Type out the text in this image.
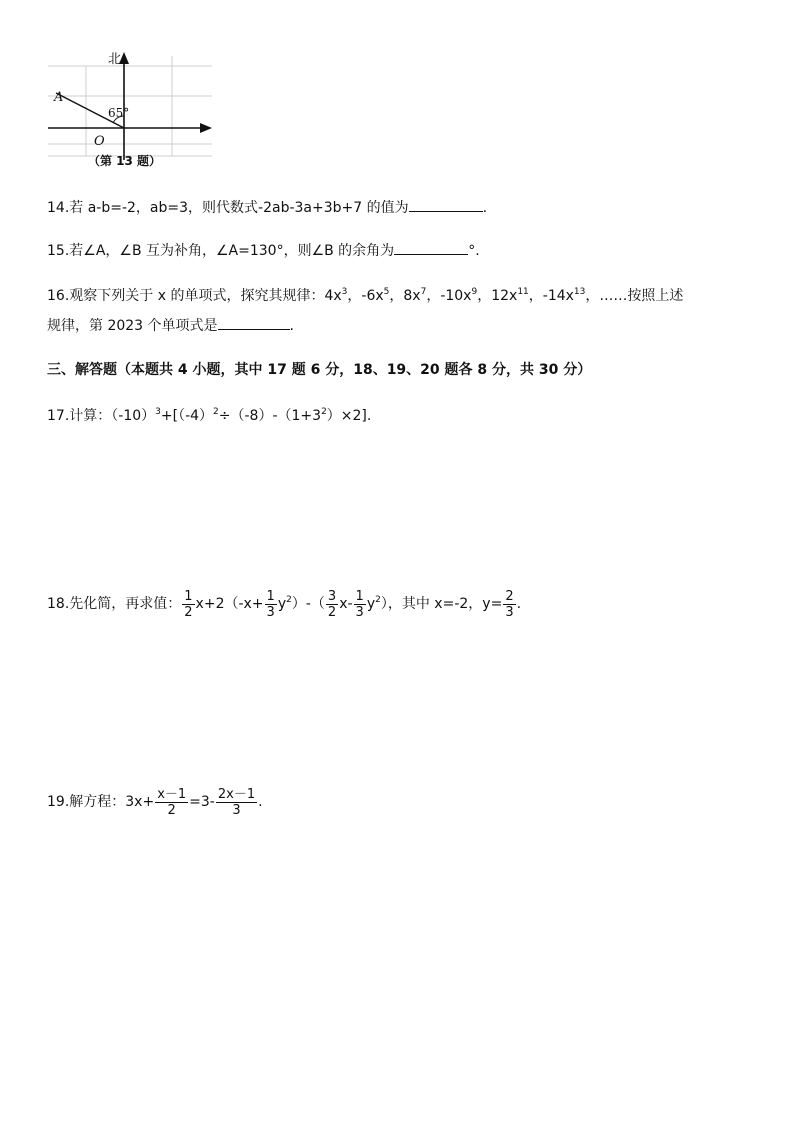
北
A
65°
O
（第 13 题）
14.若 a-b=-2，ab=3，则代数式-2ab-3a+3b+7 的值为	.
15.若∠A，∠B 互为补角，∠A=130°，则∠B 的余角为	°.
16.观察下列关于 x 的单项式，探究其规律：$4x^3$，$-6x^5$，$8x^7$，$-10x^9$，$12x^{11}$，$-14x^{13}$，……按照上述
规律，第 2023 个单项式是	.
三、解答题（本题共 4 小题，其中 17 题 6 分，18、19、20 题各 8 分，共 30 分）
17.计算：$(-10)^3+[(-4)^2\div(-8)-(1+3^2)\times 2]$.
18.先化简，再求值： $\frac{1}{2} x+2(-x+ \frac{1}{3} y^2)-( \frac{3}{2} x- \frac{1}{3} y^2)$，其中 x=-2，$y= \frac{2}{3}$ .
19.解方程：$3x+ \frac{x-1}{2} =3- \frac{2x-1}{3}$ .
